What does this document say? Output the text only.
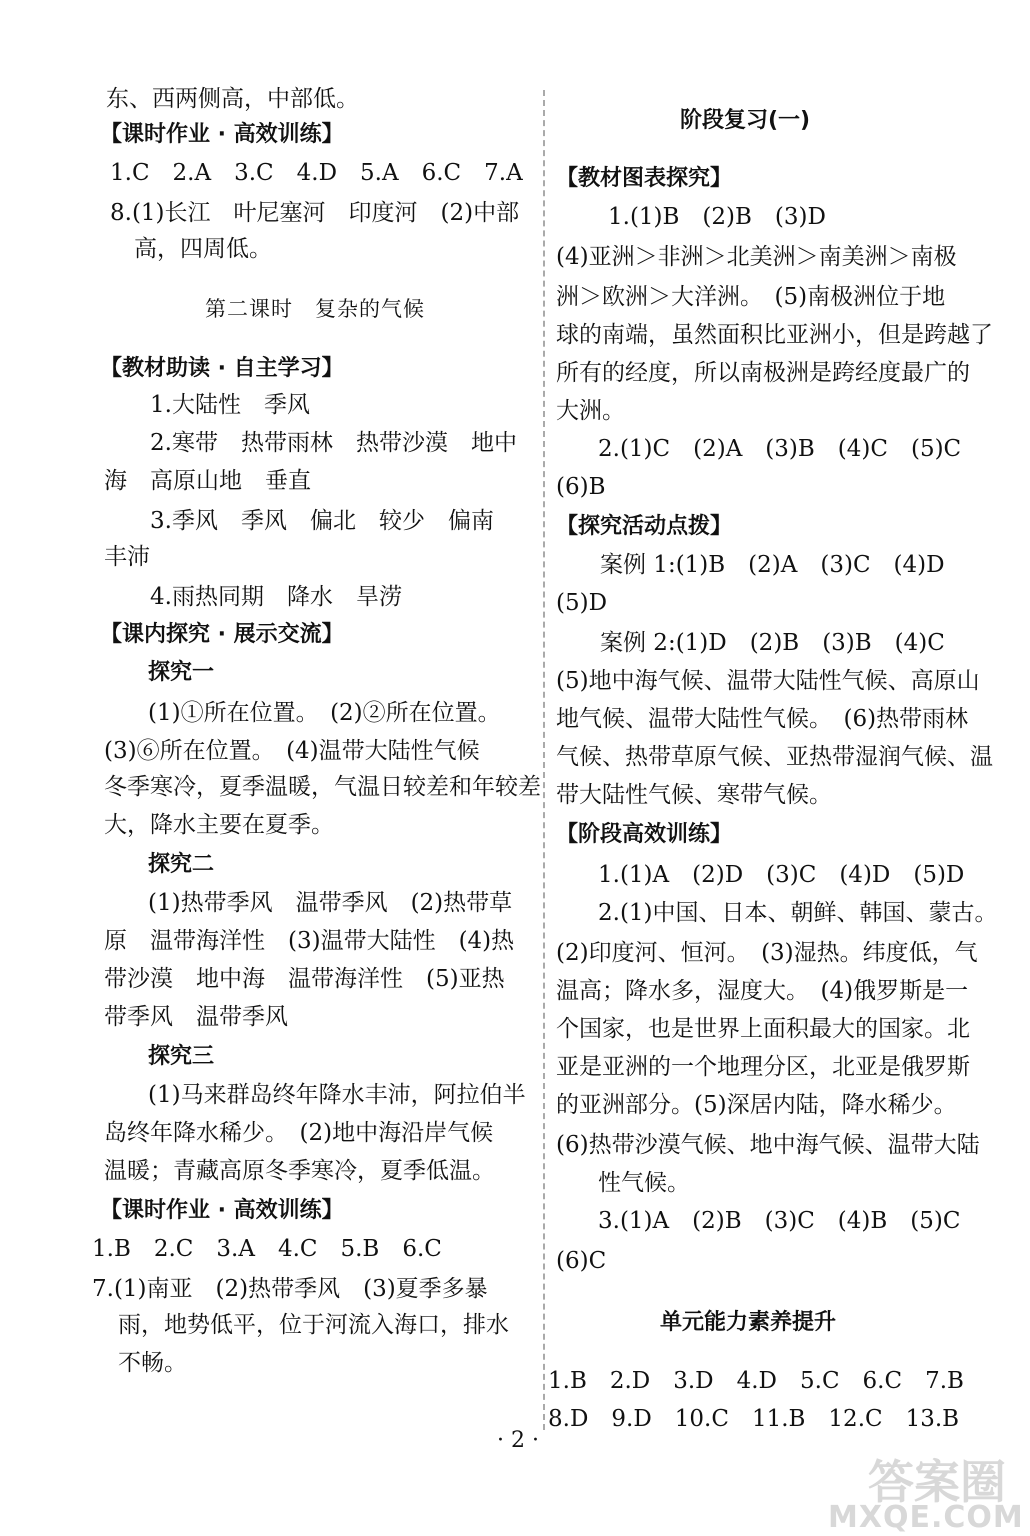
东、西两侧高，中部低。
【课时作业 · 高效训练】
1.C　2.A　3.C　4.D　5.A　6.C　7.A
8.(1)长江　叶尼塞河　印度河　(2)中部
高，四周低。
第二课时　复杂的气候
【教材助读 · 自主学习】
1.大陆性　季风
2.寒带　热带雨林　热带沙漠　地中
海　高原山地　垂直
3.季风　季风　偏北　较少　偏南
丰沛
4.雨热同期　降水　旱涝
【课内探究 · 展示交流】
探究一
(1)①所在位置。　(2)②所在位置。
(3)⑥所在位置。　(4)温带大陆性气候
冬季寒冷，夏季温暖，气温日较差和年较差
大，降水主要在夏季。
探究二
(1)热带季风　温带季风　(2)热带草
原　温带海洋性　(3)温带大陆性　(4)热
带沙漠　地中海　温带海洋性　(5)亚热
带季风　温带季风
探究三
(1)马来群岛终年降水丰沛，阿拉伯半
岛终年降水稀少。　(2)地中海沿岸气候
温暖；青藏高原冬季寒冷，夏季低温。
【课时作业 · 高效训练】
1.B　2.C　3.A　4.C　5.B　6.C
7.(1)南亚　(2)热带季风　(3)夏季多暴
雨，地势低平，位于河流入海口，排水
不畅。
阶段复习(一)
【教材图表探究】
1.(1)B　(2)B　(3)D
(4)亚洲＞非洲＞北美洲＞南美洲＞南极
洲＞欧洲＞大洋洲。　(5)南极洲位于地
球的南端，虽然面积比亚洲小，但是跨越了
所有的经度，所以南极洲是跨经度最广的
大洲。
2.(1)C　(2)A　(3)B　(4)C　(5)C
(6)B
【探究活动点拨】
案例 1:(1)B　(2)A　(3)C　(4)D
(5)D
案例 2:(1)D　(2)B　(3)B　(4)C
(5)地中海气候、温带大陆性气候、高原山
地气候、温带大陆性气候。　(6)热带雨林
气候、热带草原气候、亚热带湿润气候、温
带大陆性气候、寒带气候。
【阶段高效训练】
1.(1)A　(2)D　(3)C　(4)D　(5)D
2.(1)中国、日本、朝鲜、韩国、蒙古。
(2)印度河、恒河。　(3)湿热。纬度低，气
温高；降水多，湿度大。　(4)俄罗斯是一
个国家，也是世界上面积最大的国家。北
亚是亚洲的一个地理分区，北亚是俄罗斯
的亚洲部分。(5)深居内陆，降水稀少。
(6)热带沙漠气候、地中海气候、温带大陆
性气候。
3.(1)A　(2)B　(3)C　(4)B　(5)C
(6)C
单元能力素养提升
1.B　2.D　3.D　4.D　5.C　6.C　7.B
8.D　9.D　10.C　11.B　12.C　13.B
· 2 ·
答案圈
MXQE.COM
